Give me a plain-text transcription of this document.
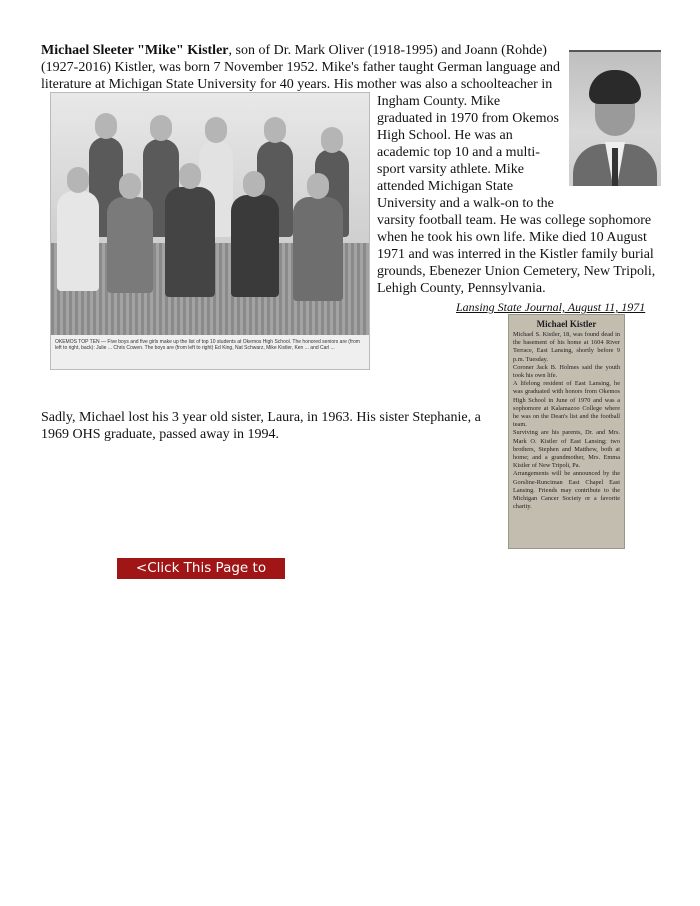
Michael Sleeter "Mike" Kistler, son of Dr. Mark Oliver (1918-1995) and Joann (Rohde)
(1927-2016) Kistler, was born 7 November 1952. Mike's father taught German language and
literature at Michigan State University for 40 years. His mother was also a schoolteacher in
Ingham County. Mike
graduated in 1970 from Okemos
High School. He was an
academic top 10 and a multi-
sport varsity athlete. Mike
attended Michigan State
University and a walk-on to the
varsity football team. He was college sophomore
when he took his own life. Mike died 10 August
1971 and was interred in the Kistler family burial
grounds, Ebenezer Union Cemetery, New Tripoli,
Lehigh County, Pennsylvania.
OKEMOS TOP TEN — Five boys and five girls make up the list of top 10 students at Okemos High School. The honored seniors are (from left to right, back): Julie ... Chris Cowen. The boys are (from left to right) Ed King, Nat Schwarz, Mike Kistler, Ken ... and Carl ...
Lansing State Journal, August 11, 1971
Michael Kistler
Michael S. Kistler, 18, was found dead in the basement of his home at 1604 River Terrace, East Lansing, shortly before 9 p.m. Tuesday.
Coroner Jack B. Holmes said the youth took his own life.
A lifelong resident of East Lansing, he was graduated with honors from Okemos High School in June of 1970 and was a sophomore at Kalamazoo College where he was on the Dean's list and the football team.
Surviving are his parents, Dr. and Mrs. Mark O. Kistler of East Lansing; two brothers, Stephen and Matthew, both at home; and a grandmother, Mrs. Emma Kistler of New Tripoli, Pa.
Arrangements will be announced by the Gorsline-Runciman East Chapel East Lansing. Friends may contribute to the Michigan Cancer Society or a favorite charity.
Sadly, Michael lost his 3 year old sister, Laura, in 1963. His sister Stephanie, a
1969 OHS graduate, passed away in 1994.
<Click This Page to Print>
